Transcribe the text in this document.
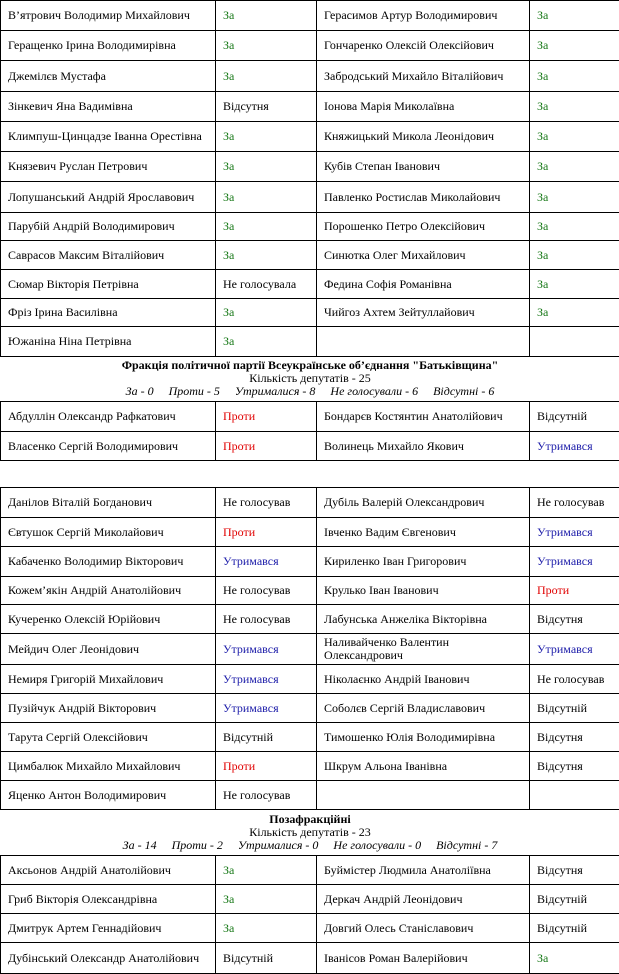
В’ятрович Володимир Михайлович	За	Герасимов Артур Володимирович	За
Геращенко Ірина Володимирівна	За	Гончаренко Олексій Олексійович	За
Джемілєв Мустафа	За	Забродський Михайло Віталійович	За
Зінкевич Яна Вадимівна	Відсутня	Іонова Марія Миколаївна	За
Климпуш-Цинцадзе Іванна Орестівна	За	Княжицький Микола Леонідович	За
Князевич Руслан Петрович	За	Кубів Степан Іванович	За
Лопушанський Андрій Ярославович	За	Павленко Ростислав Миколайович	За
Парубій Андрій Володимирович	За	Порошенко Петро Олексійович	За
Саврасов Максим Віталійович	За	Синютка Олег Михайлович	За
Сюмар Вікторія Петрівна	Не голосувала	Федина Софія Романівна	За
Фріз Ірина Василівна	За	Чийгоз Ахтем Зейтуллайович	За
Южаніна Ніна Петрівна	За		

Фракція політичної партії Всеукраїнське об’єднання "Батьківщина"
Кількість депутатів - 25
За - 0     Проти - 5     Утрималися - 8     Не голосували - 6     Відсутні - 6			

Абдуллін Олександр Рафкатович	Проти	Бондарєв Костянтин Анатолійович	Відсутній
Власенко Сергій Володимирович	Проти	Волинець Михайло Якович	Утримався

Данілов Віталій Богданович	Не голосував	Дубіль Валерій Олександрович	Не голосував
Євтушок Сергій Миколайович	Проти	Івченко Вадим Євгенович	Утримався
Кабаченко Володимир Вікторович	Утримався	Кириленко Іван Григорович	Утримався
Кожем’якін Андрій Анатолійович	Не голосував	Крулько Іван Іванович	Проти
Кучеренко Олексій Юрійович	Не голосував	Лабунська Анжеліка Вікторівна	Відсутня
Мейдич Олег Леонідович	Утримався	Наливайченко Валентин Олександрович	Утримався
Немиря Григорій Михайлович	Утримався	Ніколаєнко Андрій Іванович	Не голосував
Пузійчук Андрій Вікторович	Утримався	Соболєв Сергій Владиславович	Відсутній
Тарута Сергій Олексійович	Відсутній	Тимошенко Юлія Володимирівна	Відсутня
Цимбалюк Михайло Михайлович	Проти	Шкрум Альона Іванівна	Відсутня
Яценко Антон Володимирович	Не голосував		

Позафракційні
Кількість депутатів - 23
За - 14     Проти - 2     Утрималися - 0     Не голосували - 0     Відсутні - 7			

Аксьонов Андрій Анатолійович	За	Буймістер Людмила Анатоліївна	Відсутня
Гриб Вікторія Олександрівна	За	Деркач Андрій Леонідович	Відсутній
Дмитрук Артем Геннадійович	За	Довгий Олесь Станіславович	Відсутній
Дубінський Олександр Анатолійович	Відсутній	Іванісов Роман Валерійович	За
